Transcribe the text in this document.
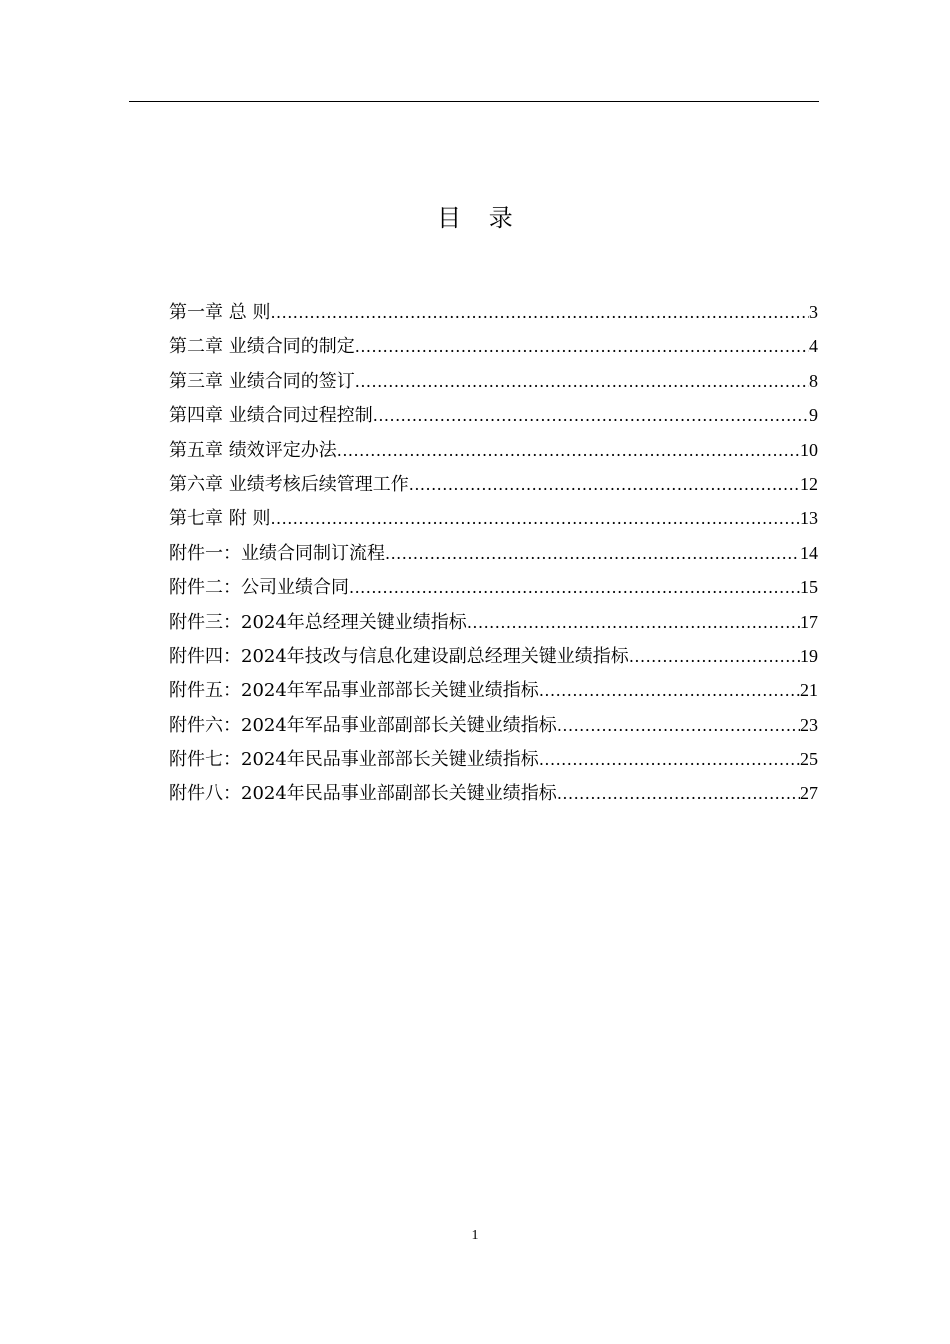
目 录
第一章 总 则 .....	3
第二章 业绩合同的制定 .....	4
第三章 业绩合同的签订 .....	8
第四章 业绩合同过程控制 .....	9
第五章 绩效评定办法 .....	10
第六章 业绩考核后续管理工作 .....	12
第七章 附 则 .....	13
附件一：业绩合同制订流程 .....	14
附件二：公司业绩合同 .....	15
附件三：2024年总经理关键业绩指标 .....	17
附件四：2024年技改与信息化建设副总经理关键业绩指标 .....	19
附件五：2024年军品事业部部长关键业绩指标 .....	21
附件六：2024年军品事业部副部长关键业绩指标 .....	23
附件七：2024年民品事业部部长关键业绩指标 .....	25
附件八：2024年民品事业部副部长关键业绩指标 .....	27
1
